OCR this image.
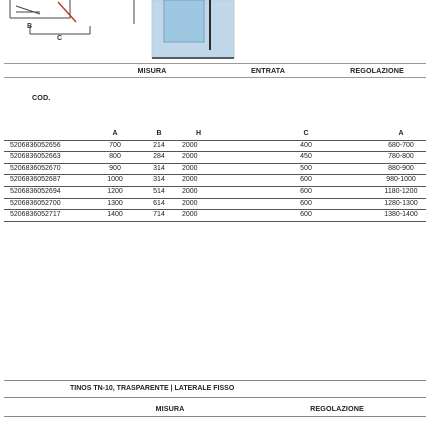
B
C
MISURA	ENTRATA	REGOLAZIONE
COD.
	A	B	H	C	A
5206836052656	700	214	2000	400	680-700
5206836052663	800	284	2000	450	780-800
5206836052670	900	314	2000	500	880-900
5206836052687	1000	314	2000	600	980-1000
5206836052694	1200	514	2000	600	1180-1200
5206836052700	1300	614	2000	600	1280-1300
5206836052717	1400	714	2000	600	1380-1400
TINOS TN-10, TRASPARENTE | LATERALE FISSO
MISURA	REGOLAZIONE
